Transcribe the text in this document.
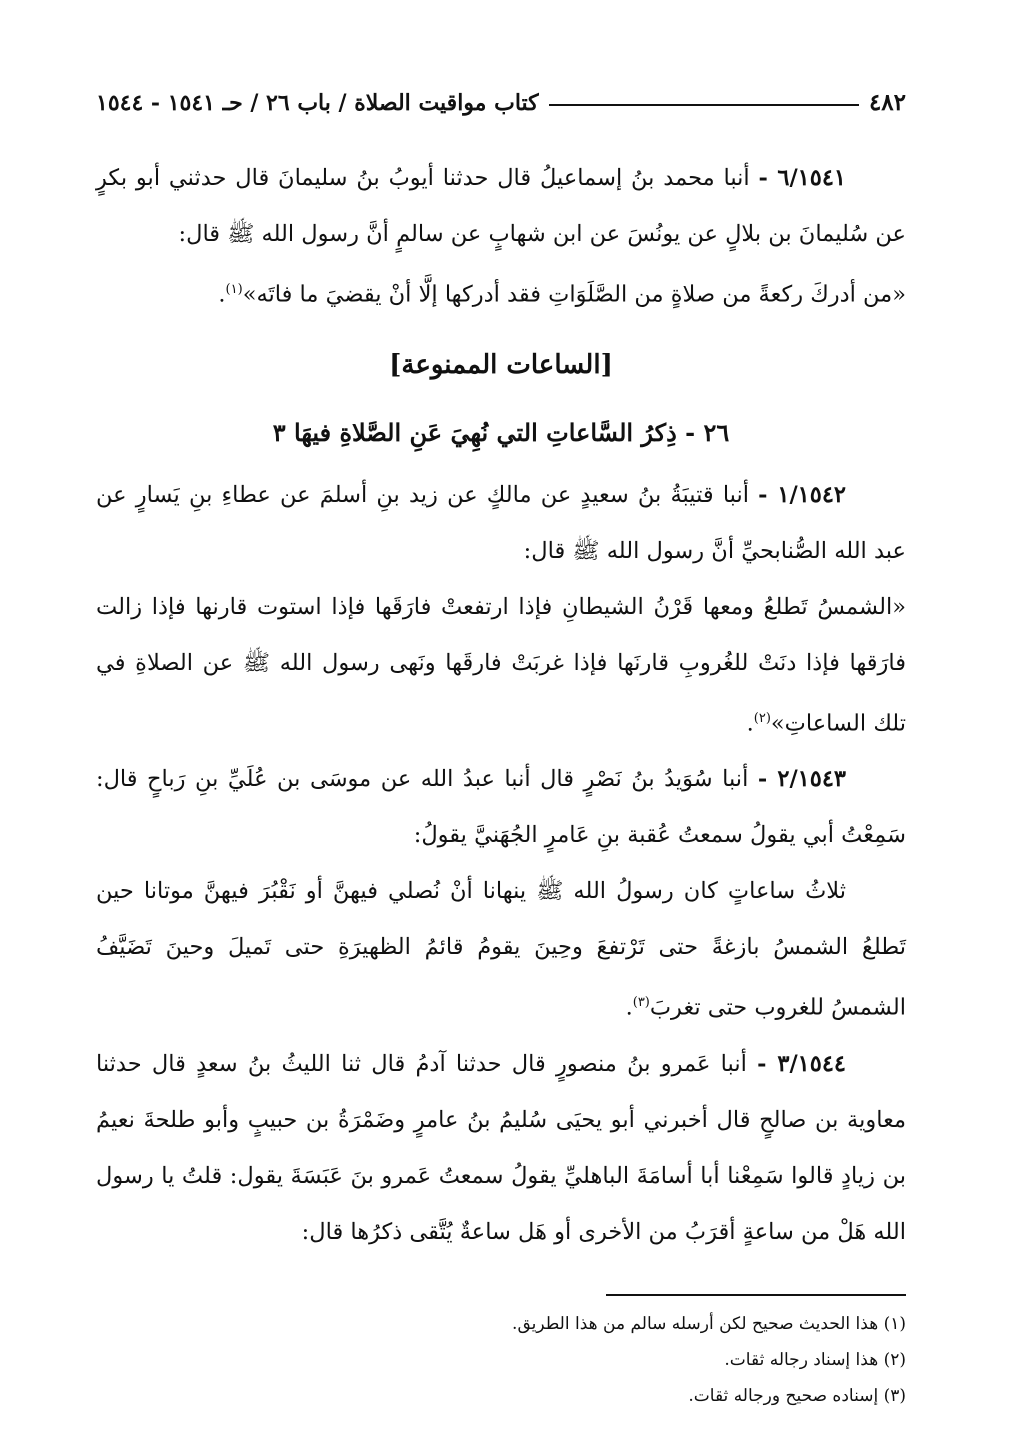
٤٨٢
كتاب مواقيت الصلاة / باب ٢٦ / حـ ١٥٤١ - ١٥٤٤

٦/١٥٤١ - أنبا محمد بنُ إسماعيلُ قال حدثنا أيوبُ بنُ سليمانَ قال حدثني أبو بكرٍ عن سُليمانَ بن بلالٍ عن يونُسَ عن ابن شهابٍ عن سالمٍ أنَّ رسول الله ﷺ قال:

«من أدركَ ركعةً من صلاةٍ من الصَّلَوَاتِ فقد أدركها إلَّا أنْ يقضيَ ما فاتَه»$^{(١)}$.

[الساعات الممنوعة]
٢٦ - ذِكرُ السَّاعاتِ التي نُهِيَ عَنِ الصَّلاةِ فيهَا ٣

١/١٥٤٢ - أنبا قتيبَةُ بنُ سعيدٍ عن مالكٍ عن زيد بنِ أسلمَ عن عطاءِ بنِ يَسارٍ عن عبد الله الصُّنابحيِّ أنَّ رسول الله ﷺ قال:

«الشمسُ تَطلعُ ومعها قَرْنُ الشيطانِ فإذا ارتفعتْ فارَقَها فإذا استوت قارنها فإذا زالت فارَقها فإذا دنَتْ للغُروبِ قارنَها فإذا غربَتْ فارقَها ونَهى رسول الله ﷺ عن الصلاةِ في تلك الساعاتِ»$^{(٢)}$.

٢/١٥٤٣ - أنبا سُوَيدُ بنُ نَصْرٍ قال أنبا عبدُ الله عن موسَى بن عُلَيِّ بنِ رَباحٍ قال: سَمِعْتُ أبي يقولُ سمعتُ عُقبة بنِ عَامرٍ الجُهَنيَّ يقولُ:

ثلاثُ ساعاتٍ كان رسولُ الله ﷺ ينهانا أنْ نُصلي فيهنَّ أو نَقْبُرَ فيهنَّ موتانا حين تَطلعُ الشمسُ بازغةً حتى تَرْتفعَ وحِينَ يقومُ قائمُ الظهيرَةِ حتى تَميلَ وحينَ تَضَيَّفُ الشمسُ للغروب حتى تغربَ$^{(٣)}$.

٣/١٥٤٤ - أنبا عَمرو بنُ منصورٍ قال حدثنا آدمُ قال ثنا الليثُ بنُ سعدٍ قال حدثنا معاوية بن صالحٍ قال أخبرني أبو يحيَى سُليمُ بنُ عامرٍ وضَمْرَةُ بن حبيبٍ وأبو طلحةَ نعيمُ بن زيادٍ قالوا سَمِعْنا أبا أسامَةَ الباهليِّ يقولُ سمعتُ عَمرو بنَ عَبَسَةَ يقول: قلتُ يا رسول الله هَلْ من ساعةٍ أقرَبُ من الأخرى أو هَل ساعةٌ يُتَّقى ذكرُها قال:

(١) هذا الحديث صحيح لكن أرسله سالم من هذا الطريق.
(٢) هذا إسناد رجاله ثقات.
(٣) إسناده صحيح ورجاله ثقات.
